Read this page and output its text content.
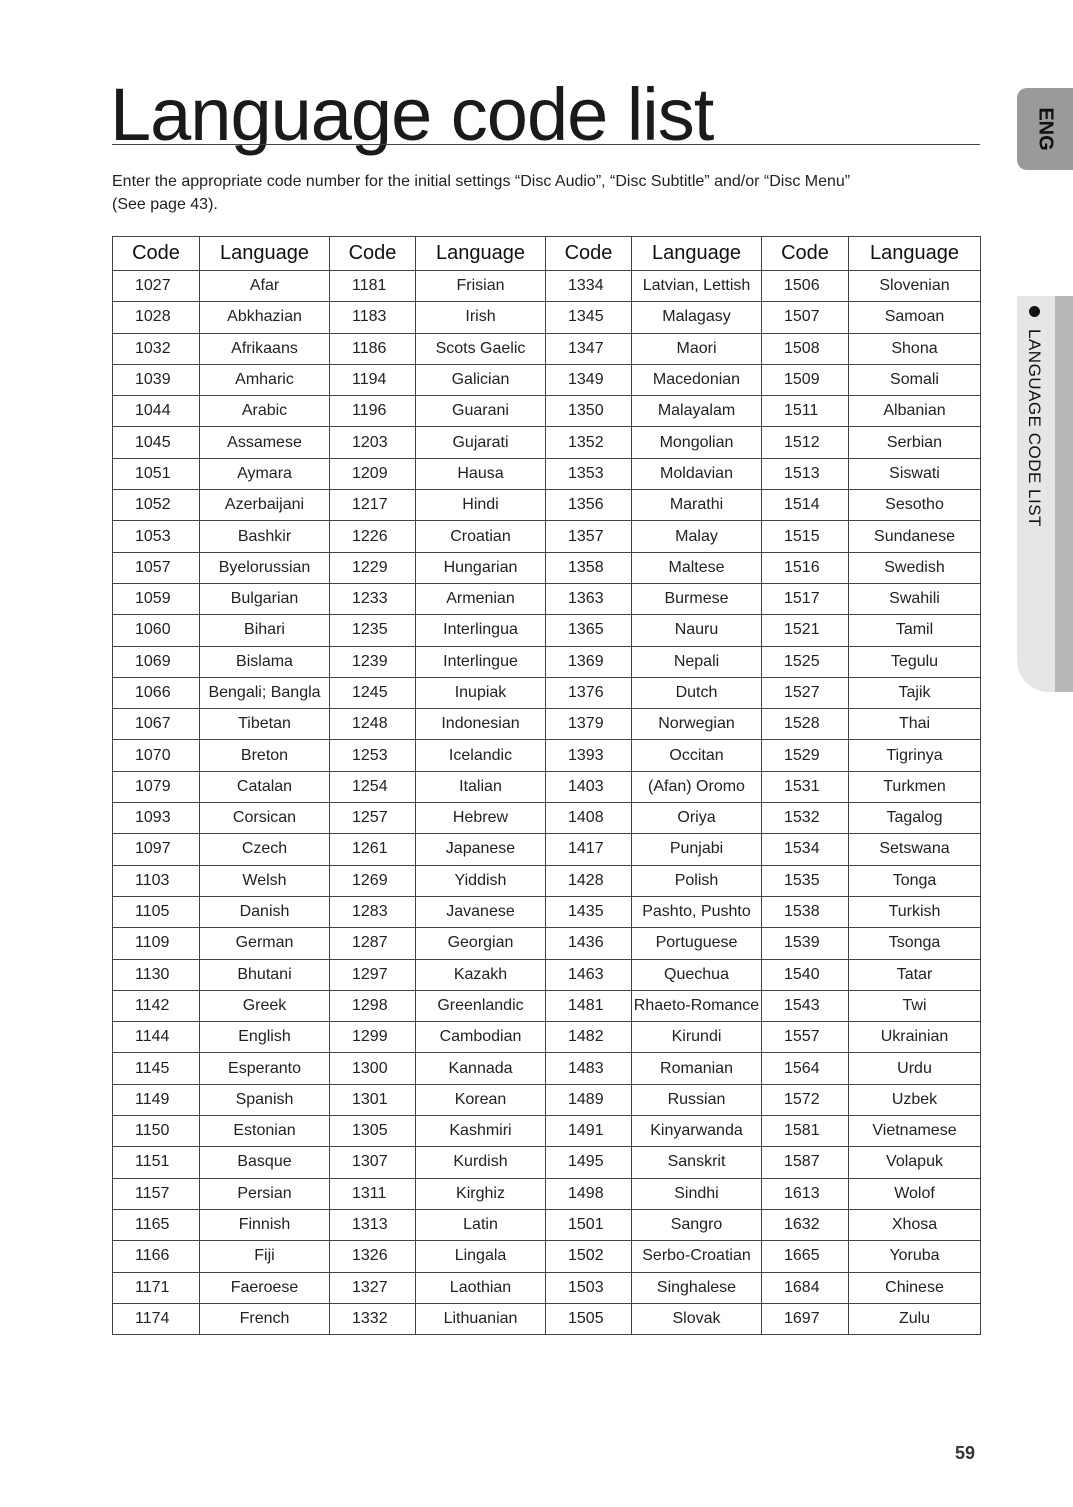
Language code list
Enter the appropriate code number for the initial settings “Disc Audio”, “Disc Subtitle” and/or “Disc Menu”
(See page 43).
Code	Language	Code	Language	Code	Language	Code	Language
1027	Afar	1181	Frisian	1334	Latvian, Lettish	1506	Slovenian
1028	Abkhazian	1183	Irish	1345	Malagasy	1507	Samoan
1032	Afrikaans	1186	Scots Gaelic	1347	Maori	1508	Shona
1039	Amharic	1194	Galician	1349	Macedonian	1509	Somali
1044	Arabic	1196	Guarani	1350	Malayalam	1511	Albanian
1045	Assamese	1203	Gujarati	1352	Mongolian	1512	Serbian
1051	Aymara	1209	Hausa	1353	Moldavian	1513	Siswati
1052	Azerbaijani	1217	Hindi	1356	Marathi	1514	Sesotho
1053	Bashkir	1226	Croatian	1357	Malay	1515	Sundanese
1057	Byelorussian	1229	Hungarian	1358	Maltese	1516	Swedish
1059	Bulgarian	1233	Armenian	1363	Burmese	1517	Swahili
1060	Bihari	1235	Interlingua	1365	Nauru	1521	Tamil
1069	Bislama	1239	Interlingue	1369	Nepali	1525	Tegulu
1066	Bengali; Bangla	1245	Inupiak	1376	Dutch	1527	Tajik
1067	Tibetan	1248	Indonesian	1379	Norwegian	1528	Thai
1070	Breton	1253	Icelandic	1393	Occitan	1529	Tigrinya
1079	Catalan	1254	Italian	1403	(Afan) Oromo	1531	Turkmen
1093	Corsican	1257	Hebrew	1408	Oriya	1532	Tagalog
1097	Czech	1261	Japanese	1417	Punjabi	1534	Setswana
1103	Welsh	1269	Yiddish	1428	Polish	1535	Tonga
1105	Danish	1283	Javanese	1435	Pashto, Pushto	1538	Turkish
1109	German	1287	Georgian	1436	Portuguese	1539	Tsonga
1130	Bhutani	1297	Kazakh	1463	Quechua	1540	Tatar
1142	Greek	1298	Greenlandic	1481	Rhaeto-Romance	1543	Twi
1144	English	1299	Cambodian	1482	Kirundi	1557	Ukrainian
1145	Esperanto	1300	Kannada	1483	Romanian	1564	Urdu
1149	Spanish	1301	Korean	1489	Russian	1572	Uzbek
1150	Estonian	1305	Kashmiri	1491	Kinyarwanda	1581	Vietnamese
1151	Basque	1307	Kurdish	1495	Sanskrit	1587	Volapuk
1157	Persian	1311	Kirghiz	1498	Sindhi	1613	Wolof
1165	Finnish	1313	Latin	1501	Sangro	1632	Xhosa
1166	Fiji	1326	Lingala	1502	Serbo-Croatian	1665	Yoruba
1171	Faeroese	1327	Laothian	1503	Singhalese	1684	Chinese
1174	French	1332	Lithuanian	1505	Slovak	1697	Zulu
ENG
LANGUAGE CODE LIST
59
